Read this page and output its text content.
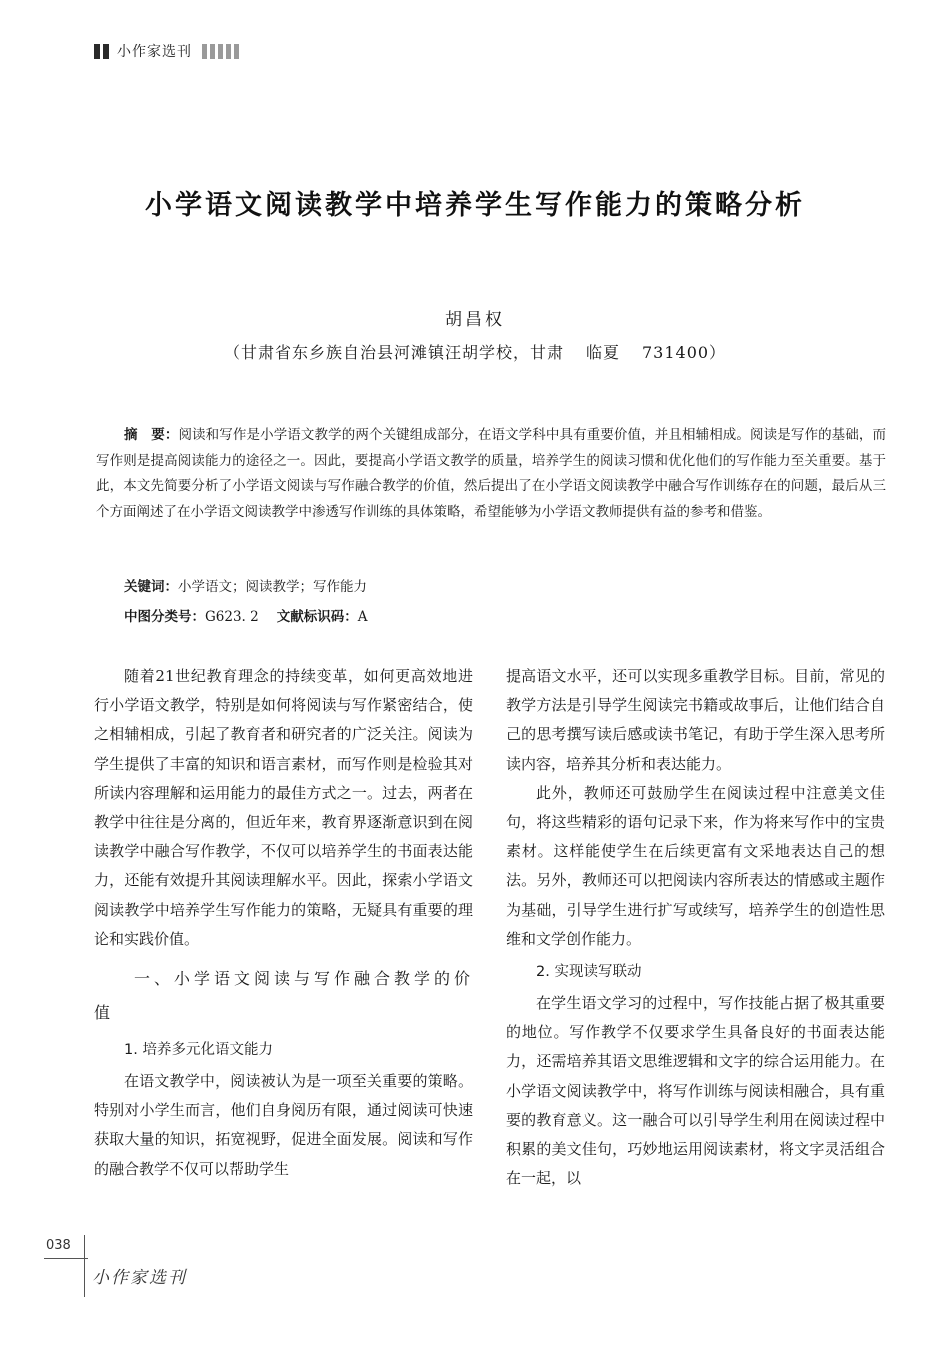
小作家选刊
小学语文阅读教学中培养学生写作能力的策略分析
胡昌权
（甘肃省东乡族自治县河滩镇汪胡学校，甘肃 临夏 731400）

摘　要：阅读和写作是小学语文教学的两个关键组成部分，在语文学科中具有重要价值，并且相辅相成。阅读是写作的基础，而写作则是提高阅读能力的途径之一。因此，要提高小学语文教学的质量，培养学生的阅读习惯和优化他们的写作能力至关重要。基于此，本文先简要分析了小学语文阅读与写作融合教学的价值，然后提出了在小学语文阅读教学中融合写作训练存在的问题，最后从三个方面阐述了在小学语文阅读教学中渗透写作训练的具体策略，希望能够为小学语文教师提供有益的参考和借鉴。

关键词：小学语文；阅读教学；写作能力
中图分类号：G623. 2 文献标识码：A

随着21世纪教育理念的持续变革，如何更高效地进行小学语文教学，特别是如何将阅读与写作紧密结合，使之相辅相成，引起了教育者和研究者的广泛关注。阅读为学生提供了丰富的知识和语言素材，而写作则是检验其对所读内容理解和运用能力的最佳方式之一。过去，两者在教学中往往是分离的，但近年来，教育界逐渐意识到在阅读教学中融合写作教学，不仅可以培养学生的书面表达能力，还能有效提升其阅读理解水平。因此，探索小学语文阅读教学中培养学生写作能力的策略，无疑具有重要的理论和实践价值。

一、小学语文阅读与写作融合教学的价值
1. 培养多元化语文能力

在语文教学中，阅读被认为是一项至关重要的策略。特别对小学生而言，他们自身阅历有限，通过阅读可快速获取大量的知识，拓宽视野，促进全面发展。阅读和写作的融合教学不仅可以帮助学生

提高语文水平，还可以实现多重教学目标。目前，常见的教学方法是引导学生阅读完书籍或故事后，让他们结合自己的思考撰写读后感或读书笔记，有助于学生深入思考所读内容，培养其分析和表达能力。

此外，教师还可鼓励学生在阅读过程中注意美文佳句，将这些精彩的语句记录下来，作为将来写作中的宝贵素材。这样能使学生在后续更富有文采地表达自己的想法。另外，教师还可以把阅读内容所表达的情感或主题作为基础，引导学生进行扩写或续写，培养学生的创造性思维和文学创作能力。

2. 实现读写联动

在学生语文学习的过程中，写作技能占据了极其重要的地位。写作教学不仅要求学生具备良好的书面表达能力，还需培养其语文思维逻辑和文字的综合运用能力。在小学语文阅读教学中，将写作训练与阅读相融合，具有重要的教育意义。这一融合可以引导学生利用在阅读过程中积累的美文佳句，巧妙地运用阅读素材，将文字灵活组合在一起，以

038
小作家选刊
